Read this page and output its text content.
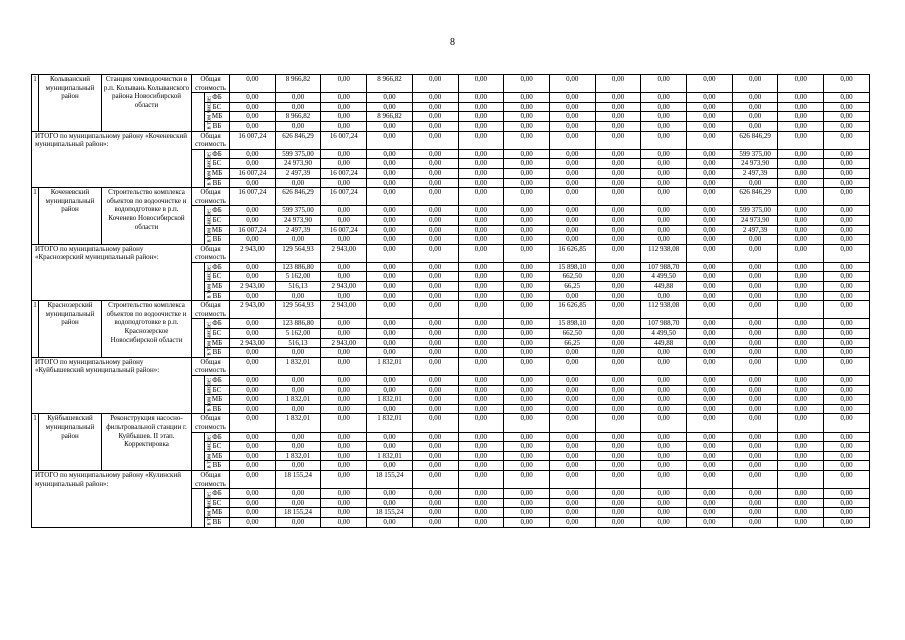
8
1	Колыванский муниципальный район	Станция химводоочистки в р.п. Колывань Колыванского района Новосибирской области	Общая стоимость		0,00	8 966,82	0,00	8 966,82	0,00	0,00	0,00	0,00	0,00	0,00	0,00	0,00	0,00	0,00
			в том числе:	ФБ	0,00	0,00	0,00	0,00	0,00	0,00	0,00	0,00	0,00	0,00	0,00	0,00	0,00	0,00
				БС	0,00	0,00	0,00	0,00	0,00	0,00	0,00	0,00	0,00	0,00	0,00	0,00	0,00	0,00
				МБ	0,00	8 966,82	0,00	8 966,82	0,00	0,00	0,00	0,00	0,00	0,00	0,00	0,00	0,00	0,00
				ВБ	0,00	0,00	0,00	0,00	0,00	0,00	0,00	0,00	0,00	0,00	0,00	0,00	0,00	0,00
ИТОГО по муниципальному району «Коченевский муниципальный район»:			Общая стоимость		16 007,24	626 846,29	16 007,24	0,00	0,00	0,00	0,00	0,00	0,00	0,00	0,00	626 846,29	0,00	0,00
			в том числе:	ФБ	0,00	599 375,00	0,00	0,00	0,00	0,00	0,00	0,00	0,00	0,00	0,00	599 375,00	0,00	0,00
				БС	0,00	24 973,90	0,00	0,00	0,00	0,00	0,00	0,00	0,00	0,00	0,00	24 973,90	0,00	0,00
				МБ	16 007,24	2 497,39	16 007,24	0,00	0,00	0,00	0,00	0,00	0,00	0,00	0,00	2 497,39	0,00	0,00
				ВБ	0,00	0,00	0,00	0,00	0,00	0,00	0,00	0,00	0,00	0,00	0,00	0,00	0,00	0,00
1	Коченевский муниципальный район	Строительство комплекса объектов по водоочистке и водоподготовке в р.п. Коченево Новосибирской области	Общая стоимость		16 007,24	626 846,29	16 007,24	0,00	0,00	0,00	0,00	0,00	0,00	0,00	0,00	626 846,29	0,00	0,00
			в том числе:	ФБ	0,00	599 375,00	0,00	0,00	0,00	0,00	0,00	0,00	0,00	0,00	0,00	599 375,00	0,00	0,00
				БС	0,00	24 973,90	0,00	0,00	0,00	0,00	0,00	0,00	0,00	0,00	0,00	24 973,90	0,00	0,00
				МБ	16 007,24	2 497,39	16 007,24	0,00	0,00	0,00	0,00	0,00	0,00	0,00	0,00	2 497,39	0,00	0,00
				ВБ	0,00	0,00	0,00	0,00	0,00	0,00	0,00	0,00	0,00	0,00	0,00	0,00	0,00	0,00
ИТОГО по муниципальному району «Краснозерский муниципальный район»:			Общая стоимость		2 943,00	129 564,93	2 943,00	0,00	0,00	0,00	0,00	16 626,85	0,00	112 938,08	0,00	0,00	0,00	0,00
			в том числе:	ФБ	0,00	123 886,80	0,00	0,00	0,00	0,00	0,00	15 898,10	0,00	107 988,70	0,00	0,00	0,00	0,00
				БС	0,00	5 162,00	0,00	0,00	0,00	0,00	0,00	662,50	0,00	4 499,50	0,00	0,00	0,00	0,00
				МБ	2 943,00	516,13	2 943,00	0,00	0,00	0,00	0,00	66,25	0,00	449,88	0,00	0,00	0,00	0,00
				ВБ	0,00	0,00	0,00	0,00	0,00	0,00	0,00	0,00	0,00	0,00	0,00	0,00	0,00	0,00
1	Краснозерский муниципальный район	Строительство комплекса объектов по водоочистке и водоподготовке в р.п. Краснозерское Новосибирской области	Общая стоимость		2 943,00	129 564,93	2 943,00	0,00	0,00	0,00	0,00	16 626,85	0,00	112 938,08	0,00	0,00	0,00	0,00
			в том числе:	ФБ	0,00	123 886,80	0,00	0,00	0,00	0,00	0,00	15 898,10	0,00	107 988,70	0,00	0,00	0,00	0,00
				БС	0,00	5 162,00	0,00	0,00	0,00	0,00	0,00	662,50	0,00	4 499,50	0,00	0,00	0,00	0,00
				МБ	2 943,00	516,13	2 943,00	0,00	0,00	0,00	0,00	66,25	0,00	449,88	0,00	0,00	0,00	0,00
				ВБ	0,00	0,00	0,00	0,00	0,00	0,00	0,00	0,00	0,00	0,00	0,00	0,00	0,00	0,00
ИТОГО по муниципальному району «Куйбышевский муниципальный район»:			Общая стоимость		0,00	1 832,01	0,00	1 832,01	0,00	0,00	0,00	0,00	0,00	0,00	0,00	0,00	0,00	0,00
			в том числе:	ФБ	0,00	0,00	0,00	0,00	0,00	0,00	0,00	0,00	0,00	0,00	0,00	0,00	0,00	0,00
				БС	0,00	0,00	0,00	0,00	0,00	0,00	0,00	0,00	0,00	0,00	0,00	0,00	0,00	0,00
				МБ	0,00	1 832,01	0,00	1 832,01	0,00	0,00	0,00	0,00	0,00	0,00	0,00	0,00	0,00	0,00
				ВБ	0,00	0,00	0,00	0,00	0,00	0,00	0,00	0,00	0,00	0,00	0,00	0,00	0,00	0,00
1	Куйбышевский муниципальный район	Реконструкция насосно-фильтровальной станции г. Куйбышев. II этап. Корректировка	Общая стоимость		0,00	1 832,01	0,00	1 832,01	0,00	0,00	0,00	0,00	0,00	0,00	0,00	0,00	0,00	0,00
			в том числе:	ФБ	0,00	0,00	0,00	0,00	0,00	0,00	0,00	0,00	0,00	0,00	0,00	0,00	0,00	0,00
				БС	0,00	0,00	0,00	0,00	0,00	0,00	0,00	0,00	0,00	0,00	0,00	0,00	0,00	0,00
				МБ	0,00	1 832,01	0,00	1 832,01	0,00	0,00	0,00	0,00	0,00	0,00	0,00	0,00	0,00	0,00
				ВБ	0,00	0,00	0,00	0,00	0,00	0,00	0,00	0,00	0,00	0,00	0,00	0,00	0,00	0,00
ИТОГО по муниципальному району «Кулинский муниципальный район»:			Общая стоимость		0,00	18 155,24	0,00	18 155,24	0,00	0,00	0,00	0,00	0,00	0,00	0,00	0,00	0,00	0,00
			в том числе:	ФБ	0,00	0,00	0,00	0,00	0,00	0,00	0,00	0,00	0,00	0,00	0,00	0,00	0,00	0,00
				БС	0,00	0,00	0,00	0,00	0,00	0,00	0,00	0,00	0,00	0,00	0,00	0,00	0,00	0,00
				МБ	0,00	18 155,24	0,00	18 155,24	0,00	0,00	0,00	0,00	0,00	0,00	0,00	0,00	0,00	0,00
				ВБ	0,00	0,00	0,00	0,00	0,00	0,00	0,00	0,00	0,00	0,00	0,00	0,00	0,00	0,00
